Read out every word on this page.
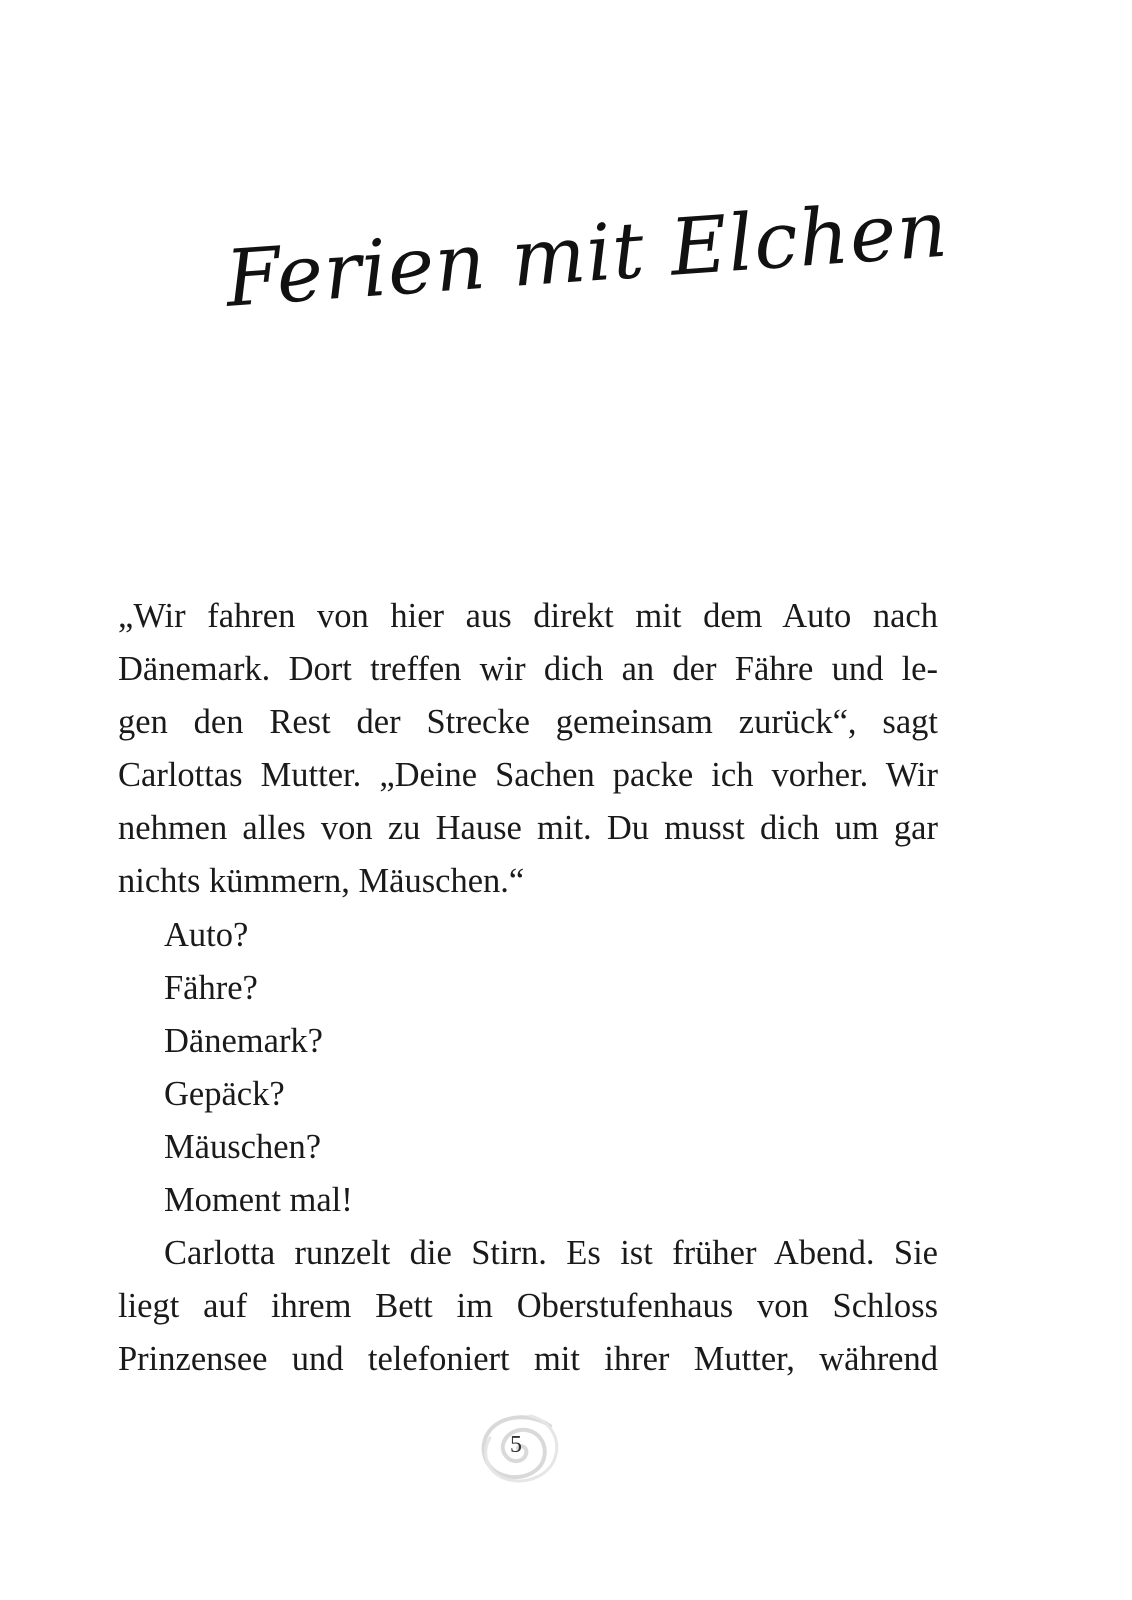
Ferien mit Elchen
„Wir fahren von hier aus direkt mit dem Auto nach
Dänemark. Dort treffen wir dich an der Fähre und le-
gen den Rest der Strecke gemeinsam zurück“, sagt
Carlottas Mutter. „Deine Sachen packe ich vorher. Wir
nehmen alles von zu Hause mit. Du musst dich um gar
nichts kümmern, Mäuschen.“
Auto?
Fähre?
Dänemark?
Gepäck?
Mäuschen?
Moment mal!
Carlotta runzelt die Stirn. Es ist früher Abend. Sie
liegt auf ihrem Bett im Oberstufenhaus von Schloss
Prinzensee und telefoniert mit ihrer Mutter, während
5
